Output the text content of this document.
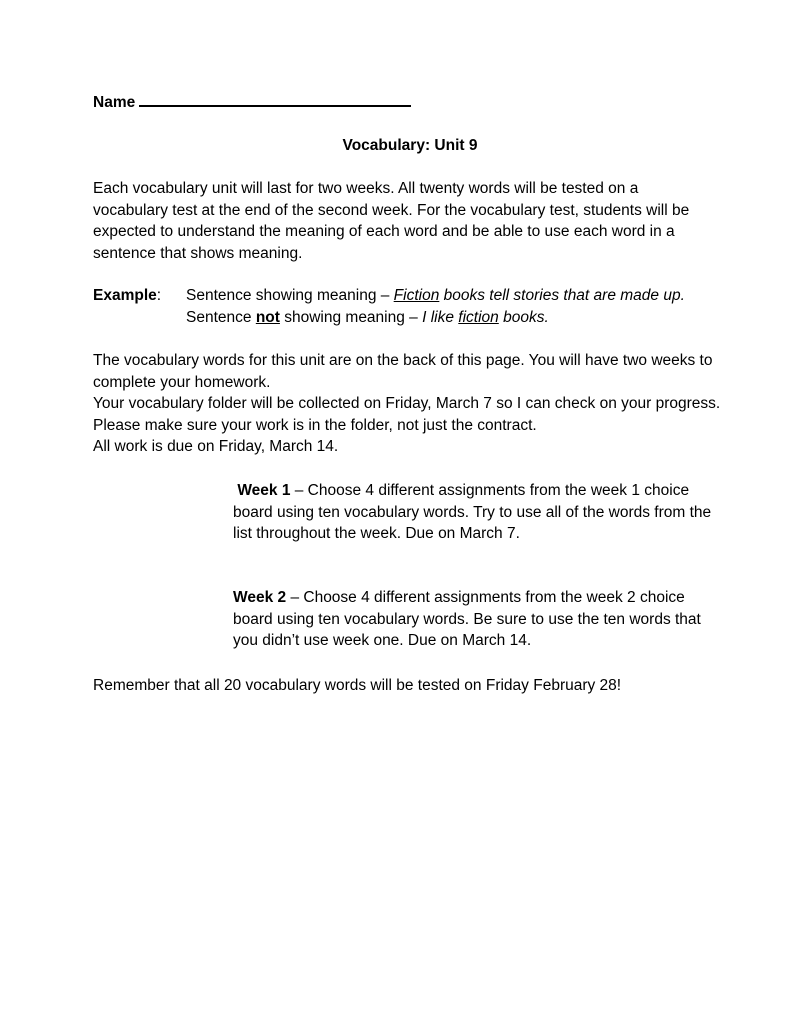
Name
Vocabulary: Unit 9
Each vocabulary unit will last for two weeks. All twenty words will be tested on a vocabulary test at the end of the second week. For the vocabulary test, students will be expected to understand the meaning of each word and be able to use each word in a sentence that shows meaning.
Example: Sentence showing meaning – Fiction books tell stories that are made up.
Sentence not showing meaning – I like fiction books.

The vocabulary words for this unit are on the back of this page. You will have two weeks to complete your homework.

Your vocabulary folder will be collected on Friday, March 7 so I can check on your progress. Please make sure your work is in the folder, not just the contract.

All work is due on Friday, March 14.

Week 1 – Choose 4 different assignments from the week 1 choice board using ten vocabulary words. Try to use all of the words from the list throughout the week. Due on March 7.
Week 2 – Choose 4 different assignments from the week 2 choice board using ten vocabulary words. Be sure to use the ten words that you didn’t use week one. Due on March 14.
Remember that all 20 vocabulary words will be tested on Friday February 28!
